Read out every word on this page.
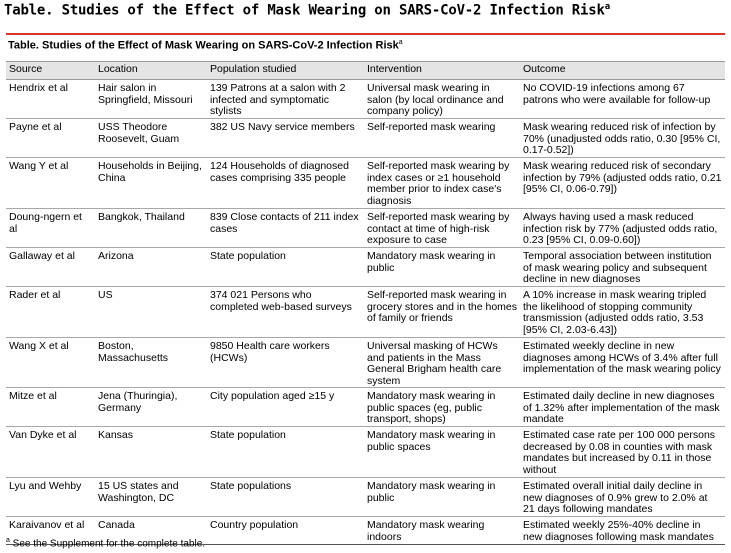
Table. Studies of the Effect of Mask Wearing on SARS-CoV-2 Infection Risk$^a$
Table. Studies of the Effect of Mask Wearing on SARS-CoV-2 Infection Risk$^a$
Source	Location	Population studied	Intervention	Outcome
Hendrix et al	Hair salon in Springfield, Missouri	139 Patrons at a salon with 2 infected and symptomatic stylists	Universal mask wearing in salon (by local ordinance and company policy)	No COVID-19 infections among 67 patrons who were available for follow-up
Payne et al	USS Theodore Roosevelt, Guam	382 US Navy service members	Self-reported mask wearing	Mask wearing reduced risk of infection by 70% (unadjusted odds ratio, 0.30 [95% CI, 0.17-0.52])
Wang Y et al	Households in Beijing, China	124 Households of diagnosed cases comprising 335 people	Self-reported mask wearing by index cases or ≥1 household member prior to index case's diagnosis	Mask wearing reduced risk of secondary infection by 79% (adjusted odds ratio, 0.21 [95% CI, 0.06-0.79])
Doung-ngern et al	Bangkok, Thailand	839 Close contacts of 211 index cases	Self-reported mask wearing by contact at time of high-risk exposure to case	Always having used a mask reduced infection risk by 77% (adjusted odds ratio, 0.23 [95% CI, 0.09-0.60])
Gallaway et al	Arizona	State population	Mandatory mask wearing in public	Temporal association between institution of mask wearing policy and subsequent decline in new diagnoses
Rader et al	US	374 021 Persons who completed web-based surveys	Self-reported mask wearing in grocery stores and in the homes of family or friends	A 10% increase in mask wearing tripled the likelihood of stopping community transmission (adjusted odds ratio, 3.53 [95% CI, 2.03-6.43])
Wang X et al	Boston, Massachusetts	9850 Health care workers (HCWs)	Universal masking of HCWs and patients in the Mass General Brigham health care system	Estimated weekly decline in new diagnoses among HCWs of 3.4% after full implementation of the mask wearing policy
Mitze et al	Jena (Thuringia), Germany	City population aged ≥15 y	Mandatory mask wearing in public spaces (eg, public transport, shops)	Estimated daily decline in new diagnoses of 1.32% after implementation of the mask mandate
Van Dyke et al	Kansas	State population	Mandatory mask wearing in public spaces	Estimated case rate per 100 000 persons decreased by 0.08 in counties with mask mandates but increased by 0.11 in those without
Lyu and Wehby	15 US states and Washington, DC	State populations	Mandatory mask wearing in public	Estimated overall initial daily decline in new diagnoses of 0.9% grew to 2.0% at 21 days following mandates
Karaivanov et al	Canada	Country population	Mandatory mask wearing indoors	Estimated weekly 25%-40% decline in new diagnoses following mask mandates
$^a$ See the Supplement for the complete table.
